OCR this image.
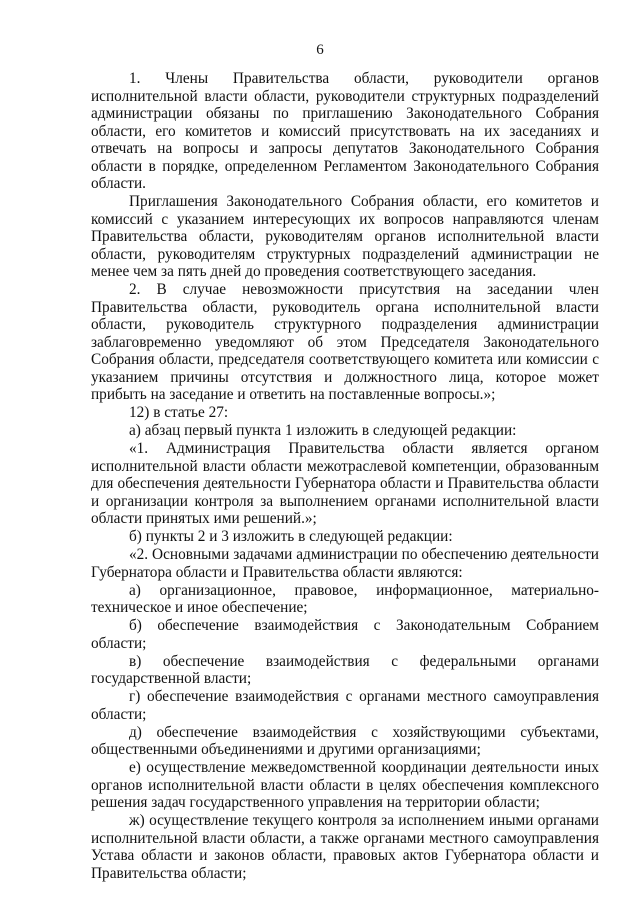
6

1. Члены Правительства области, руководители органов исполнительной власти области, руководители структурных подразделений администрации обязаны по приглашению Законодательного Собрания области, его комитетов и комиссий присутствовать на их заседаниях и отвечать на вопросы и запросы депутатов Законодательного Собрания области в порядке, определенном Регламентом Законодательного Собрания области.

Приглашения Законодательного Собрания области, его комитетов и комиссий с указанием интересующих их вопросов направляются членам Правительства области, руководителям органов исполнительной власти области, руководителям структурных подразделений администрации не менее чем за пять дней до проведения соответствующего заседания.

2. В случае невозможности присутствия на заседании член Правительства области, руководитель органа исполнительной власти области, руководитель структурного подразделения администрации заблаговременно уведомляют об этом Председателя Законодательного Собрания области, председателя соответствующего комитета или комиссии с указанием причины отсутствия и должностного лица, которое может прибыть на заседание и ответить на поставленные вопросы.»;

12) в статье 27:

а) абзац первый пункта 1 изложить в следующей редакции:

«1. Администрация Правительства области является органом исполнительной власти области межотраслевой компетенции, образованным для обеспечения деятельности Губернатора области и Правительства области и организации контроля за выполнением органами исполнительной власти области принятых ими решений.»;

б) пункты 2 и 3 изложить в следующей редакции:

«2. Основными задачами администрации по обеспечению деятельности Губернатора области и Правительства области являются:

а) организационное, правовое, информационное, материально-техническое и иное обеспечение;

б) обеспечение взаимодействия с Законодательным Собранием области;

в) обеспечение взаимодействия с федеральными органами государственной власти;

г) обеспечение взаимодействия с органами местного самоуправления области;

д) обеспечение взаимодействия с хозяйствующими субъектами, общественными объединениями и другими организациями;

е) осуществление межведомственной координации деятельности иных органов исполнительной власти области в целях обеспечения комплексного решения задач государственного управления на территории области;

ж) осуществление текущего контроля за исполнением иными органами исполнительной власти области, а также органами местного самоуправления Устава области и законов области, правовых актов Губернатора области и Правительства области;
